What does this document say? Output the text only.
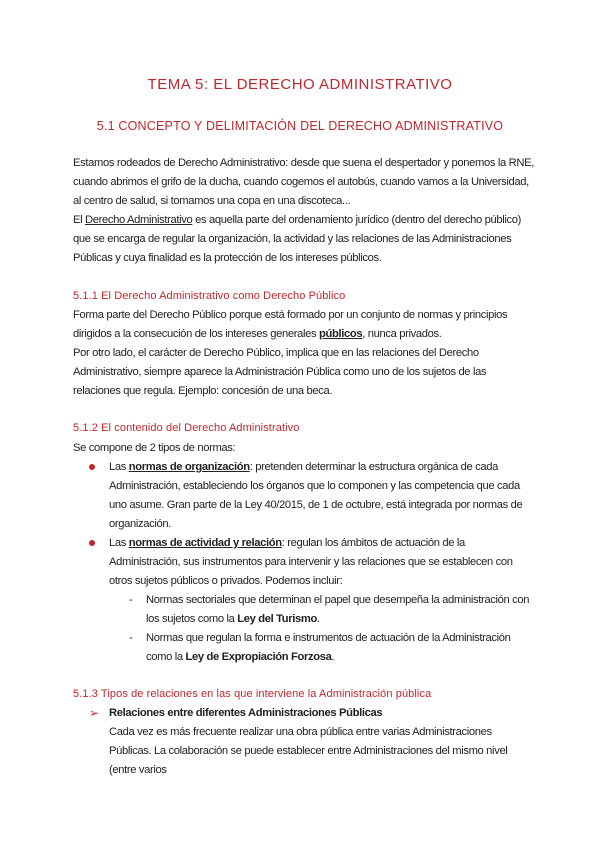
TEMA 5: EL DERECHO ADMINISTRATIVO
5.1 CONCEPTO Y DELIMITACIÓN DEL DERECHO ADMINISTRATIVO

Estamos rodeados de Derecho Administrativo: desde que suena el despertador y ponemos la RNE, cuando abrimos el grifo de la ducha, cuando cogemos el autobús, cuando vamos a la Universidad, al centro de salud, si tomamos una copa en una discoteca...

El Derecho Administrativo es aquella parte del ordenamiento jurídico (dentro del derecho público) que se encarga de regular la organización, la actividad y las relaciones de las Administraciones Públicas y cuya finalidad es la protección de los intereses públicos.

5.1.1 El Derecho Administrativo como Derecho Público

Forma parte del Derecho Público porque está formado por un conjunto de normas y principios dirigidos a la consecución de los intereses generales públicos, nunca privados.

Por otro lado, el carácter de Derecho Público, implica que en las relaciones del Derecho Administrativo, siempre aparece la Administración Pública como uno de los sujetos de las relaciones que regula. Ejemplo: concesión de una beca.

5.1.2 El contenido del Derecho Administrativo

Se compone de 2 tipos de normas:

Las normas de organización: pretenden determinar la estructura orgánica de cada Administración, estableciendo los órganos que lo componen y las competencia que cada uno asume. Gran parte de la Ley 40/2015, de 1 de octubre, está integrada por normas de organización.
Las normas de actividad y relación: regulan los ámbitos de actuación de la Administración, sus instrumentos para intervenir y las relaciones que se establecen con otros sujetos públicos o privados. Podemos incluir:
- Normas sectoriales que determinan el papel que desempeña la administración con los sujetos como la Ley del Turismo.
- Normas que regulan la forma e instrumentos de actuación de la Administración como la Ley de Expropiación Forzosa.
5.1.3 Tipos de relaciones en las que interviene la Administración pública
➢ Relaciones entre diferentes Administraciones Públicas

Cada vez es más frecuente realizar una obra pública entre varias Administraciones Públicas. La colaboración se puede establecer entre Administraciones del mismo nivel (entre varios
